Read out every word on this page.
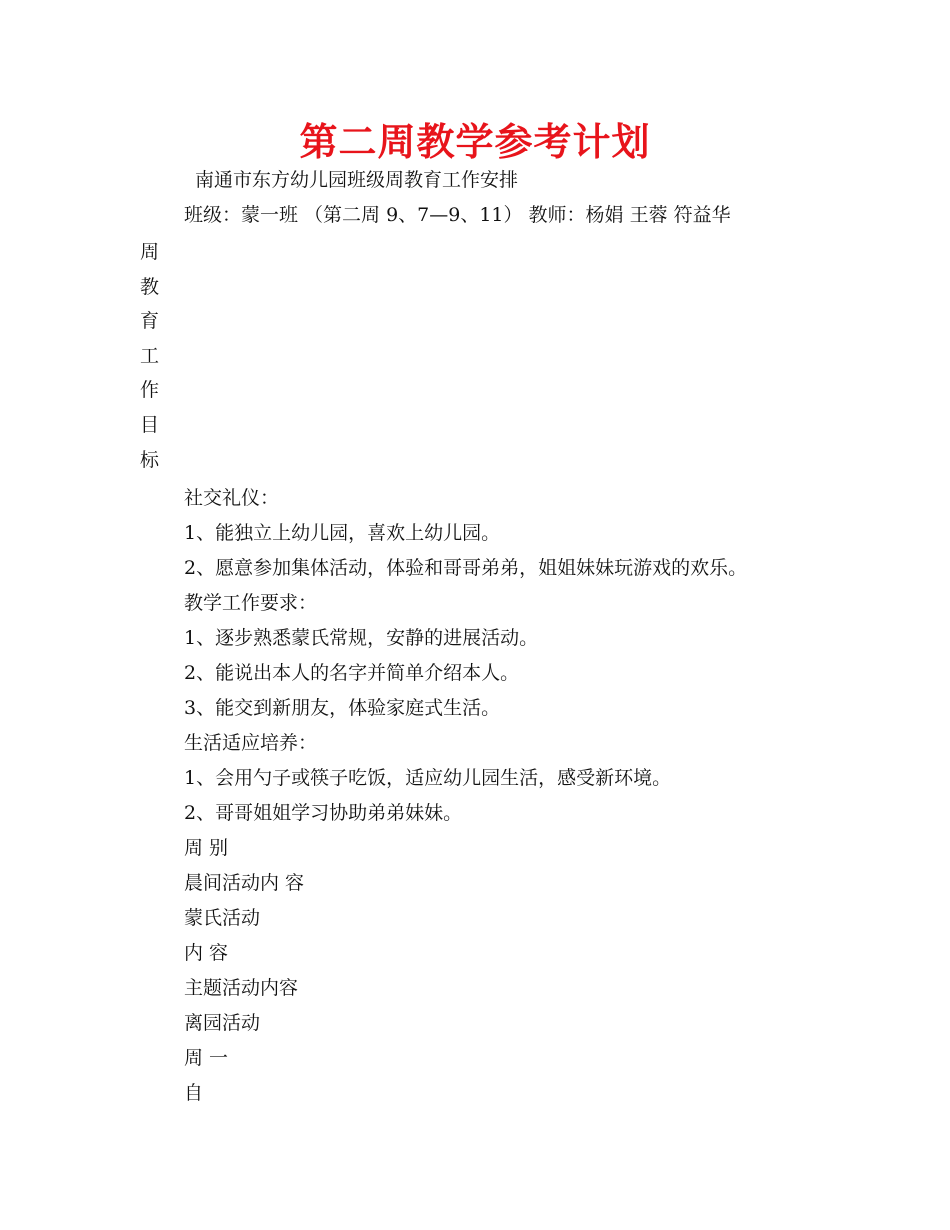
第二周教学参考计划
南通市东方幼儿园班级周教育工作安排
班级：蒙一班 （第二周 9、7—9、11） 教师：杨娟 王蓉 符益华
周
教
育
工
作
目
标
社交礼仪：
1、能独立上幼儿园，喜欢上幼儿园。
2、愿意参加集体活动，体验和哥哥弟弟，姐姐妹妹玩游戏的欢乐。
教学工作要求：
1、逐步熟悉蒙氏常规，安静的进展活动。
2、能说出本人的名字并简单介绍本人。
3、能交到新朋友，体验家庭式生活。
生活适应培养：
1、会用勺子或筷子吃饭，适应幼儿园生活，感受新环境。
2、哥哥姐姐学习协助弟弟妹妹。
周 别
晨间活动内 容
蒙氏活动
内 容
主题活动内容
离园活动
周 一
自
